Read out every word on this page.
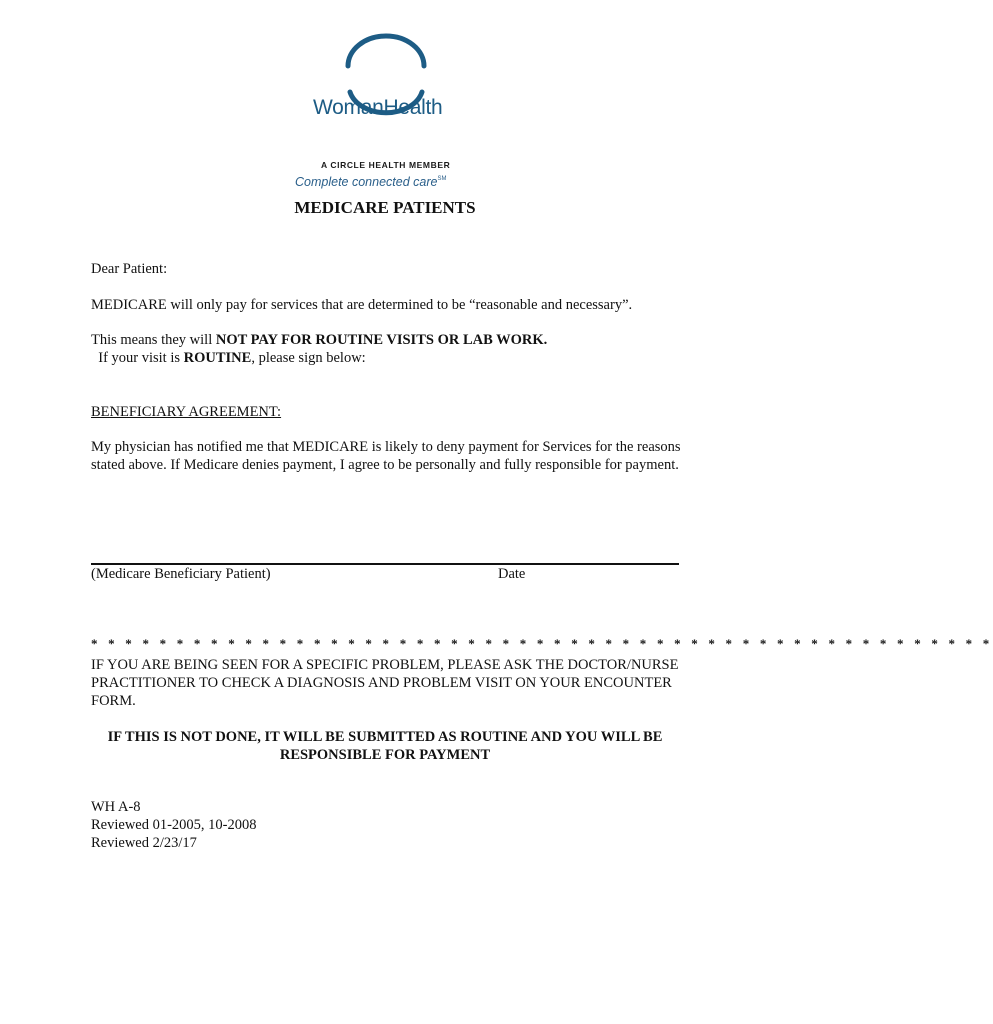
WomanHealth
A CIRCLE HEALTH MEMBER
Complete connected care℠
MEDICARE PATIENTS
Dear Patient:
MEDICARE will only pay for services that are determined to be “reasonable and necessary”.
This means they will NOT PAY FOR ROUTINE VISITS OR LAB WORK.  If your visit is ROUTINE, please sign below:
BENEFICIARY AGREEMENT:
My physician has notified me that MEDICARE is likely to deny payment for Services for the reasons stated above. If Medicare denies payment, I agree to be personally and fully responsible for payment.
(Medicare Beneficiary Patient)	Date
* * * * * * * * * * * * * * * * * * * * * * * * * * * * * * * * * * * * * * * * * * * * * * * * * * * * *
IF YOU ARE BEING SEEN FOR A SPECIFIC PROBLEM, PLEASE ASK THE DOCTOR/NURSE PRACTITIONER TO CHECK A DIAGNOSIS AND PROBLEM VISIT ON YOUR ENCOUNTER FORM.
IF THIS IS NOT DONE, IT WILL BE SUBMITTED AS ROUTINE AND YOU WILL BE
RESPONSIBLE FOR PAYMENT
WH A-8
Reviewed 01-2005, 10-2008
Reviewed 2/23/17
